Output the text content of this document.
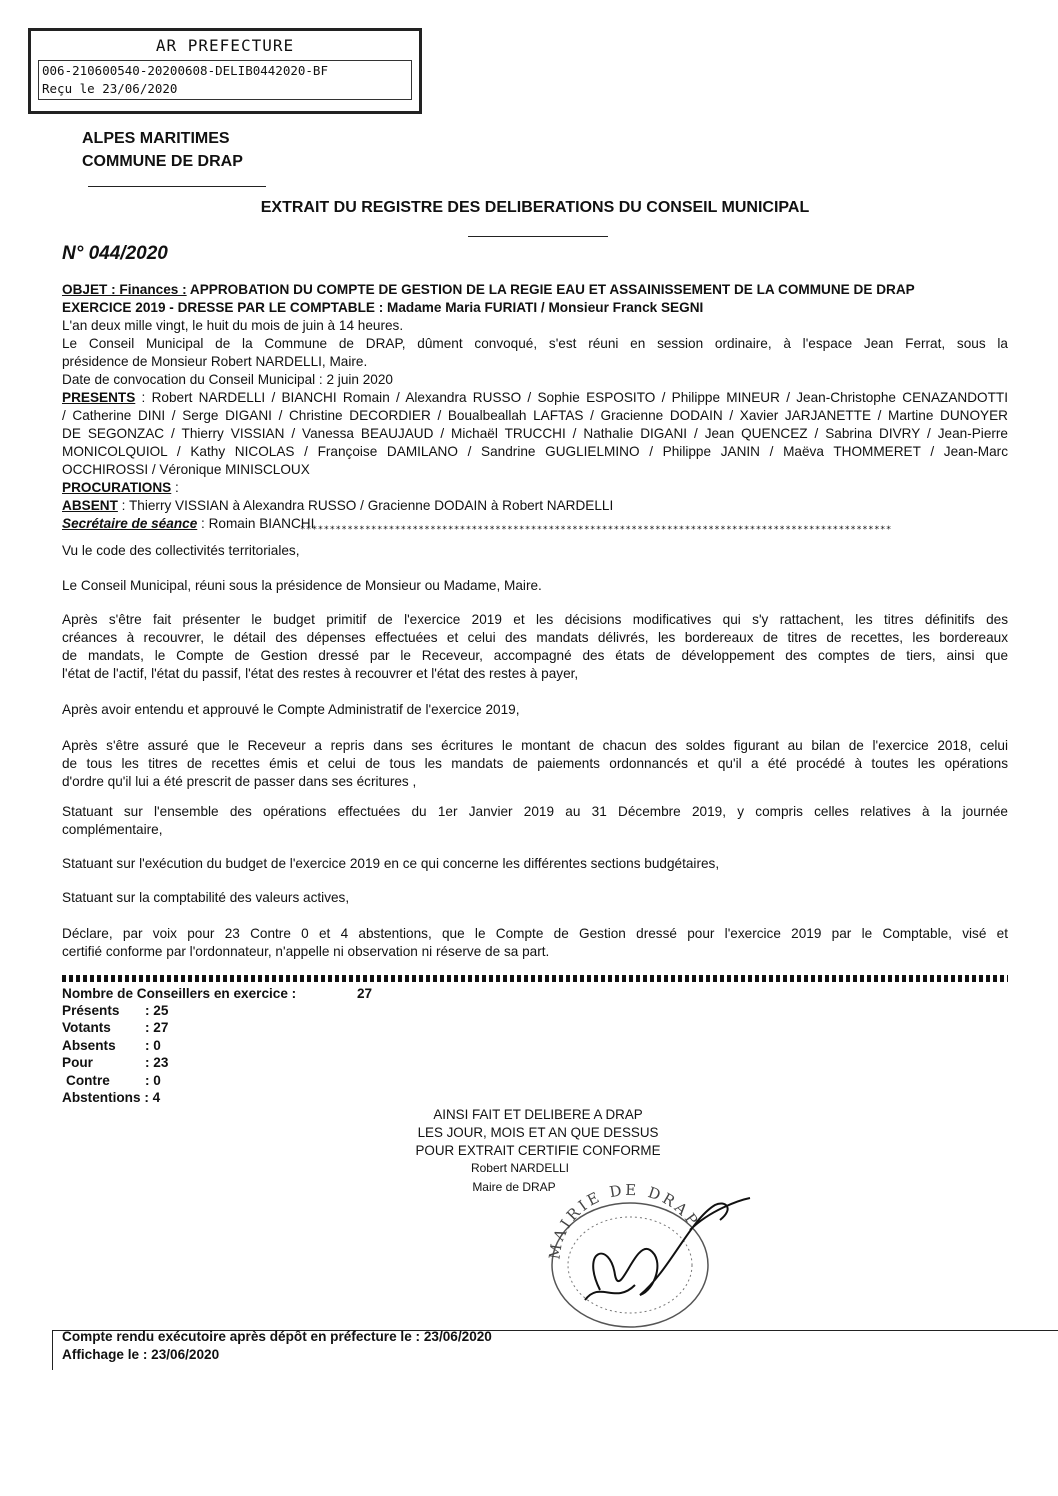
AR PREFECTURE
006-210600540-20200608-DELIB0442020-BF
Reçu le 23/06/2020
ALPES MARITIMES
COMMUNE DE DRAP
EXTRAIT DU REGISTRE DES DELIBERATIONS DU CONSEIL MUNICIPAL
N° 044/2020
OBJET : Finances : APPROBATION DU COMPTE DE GESTION DE LA REGIE EAU ET ASSAINISSEMENT DE LA COMMUNE DE DRAP
EXERCICE 2019 - DRESSE PAR LE COMPTABLE : Madame Maria FURIATI / Monsieur Franck SEGNI
L'an deux mille vingt, le huit du mois de juin à 14 heures.
Le Conseil Municipal de la Commune de DRAP, dûment convoqué, s'est réuni en session ordinaire, à l'espace Jean Ferrat, sous la
présidence de Monsieur Robert NARDELLI, Maire.
Date de convocation du Conseil Municipal : 2 juin 2020
PRESENTS : Robert NARDELLI / BIANCHI Romain / Alexandra RUSSO / Sophie ESPOSITO / Philippe MINEUR / Jean-Christophe CENAZANDOTTI
/ Catherine DINI / Serge DIGANI / Christine DECORDIER / Boualbeallah LAFTAS / Gracienne DODAIN / Xavier JARJANETTE / Martine DUNOYER
DE SEGONZAC / Thierry VISSIAN / Vanessa BEAUJAUD / Michaël TRUCCHI / Nathalie DIGANI / Jean QUENCEZ / Sabrina DIVRY / Jean-Pierre
MONICOLQUIOL / Kathy NICOLAS / Françoise DAMILANO / Sandrine GUGLIELMINO / Philippe JANIN / Maëva THOMMERET / Jean-Marc
OCCHIROSSI / Véronique MINISCLOUX
PROCURATIONS :
ABSENT : Thierry VISSIAN à Alexandra RUSSO / Gracienne DODAIN à Robert NARDELLI
Secrétaire de séance : Romain BIANCHI
****************************************************************************************************
Vu le code des collectivités territoriales,
Le Conseil Municipal, réuni sous la présidence de Monsieur ou Madame, Maire.
Après s'être fait présenter le budget primitif de l'exercice 2019 et les décisions modificatives qui s'y rattachent, les titres définitifs des
créances à recouvrer, le détail des dépenses effectuées et celui des mandats délivrés, les bordereaux de titres de recettes, les bordereaux
de mandats, le Compte de Gestion dressé par le Receveur, accompagné des états de développement des comptes de tiers, ainsi que
l'état de l'actif, l'état du passif, l'état des restes à recouvrer et l'état des restes à payer,
Après avoir entendu et approuvé le Compte Administratif de l'exercice 2019,
Après s'être assuré que le Receveur a repris dans ses écritures le montant de chacun des soldes figurant au bilan de l'exercice 2018, celui
de tous les titres de recettes émis et celui de tous les mandats de paiements ordonnancés et qu'il a été procédé à toutes les opérations
d'ordre qu'il lui a été prescrit de passer dans ses écritures ,
Statuant sur l'ensemble des opérations effectuées du 1er Janvier 2019 au 31 Décembre 2019, y compris celles relatives à la journée
complémentaire,
Statuant sur l'exécution du budget de l'exercice 2019 en ce qui concerne les différentes sections budgétaires,
Statuant sur la comptabilité des valeurs actives,
Déclare, par voix pour 23 Contre 0 et 4 abstentions, que le Compte de Gestion dressé pour l'exercice 2019 par le Comptable, visé et
certifié conforme par l'ordonnateur, n'appelle ni observation ni réserve de sa part.
Nombre de Conseillers en exercice :	27
Présents : 25
Votants	: 27
Absents : 0
Pour	: 23
Contre	: 0
Abstentions : 4
AINSI FAIT ET DELIBERE A DRAP
LES JOUR, MOIS ET AN QUE DESSUS
POUR EXTRAIT CERTIFIE CONFORME
Robert NARDELLI
Maire de DRAP
MAIRIE DE DRAP
Compte rendu exécutoire après dépôt en préfecture le : 23/06/2020
Affichage le : 23/06/2020
